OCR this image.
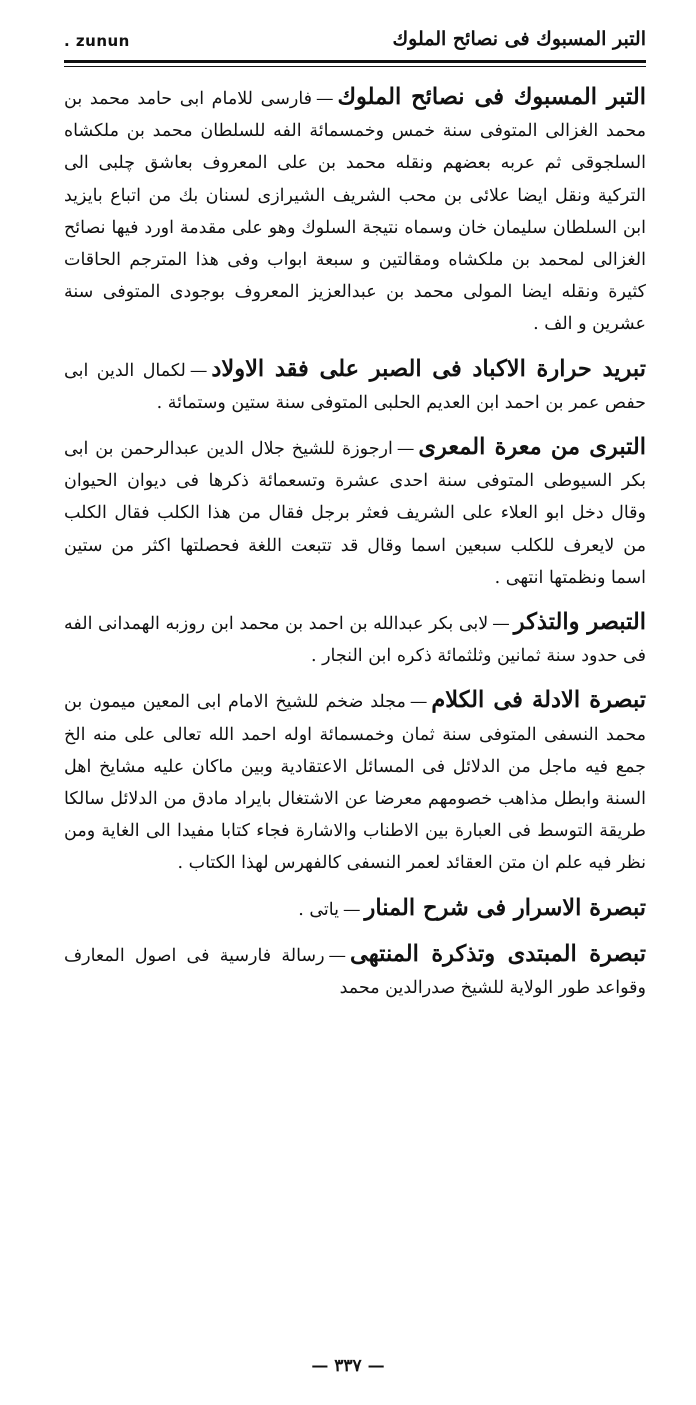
. zunun	التبر المسبوك فی نصائح الملوك

التبر المسبوك فی نصائح الملوك—فارسی للامام ابی حامد محمد بن محمد الغزالی المتوفی سنة خمس وخمسمائة الفه للسلطان محمد بن ملكشاه السلجوقی ثم عربه بعضهم ونقله محمد بن علی المعروف بعاشق چلبی الی التركية ونقل ایضا علائی بن محب الشريف الشيرازی لسنان بك من اتباع بايزيد ابن السلطان سليمان خان وسماه نتيجة السلوك وهو علی مقدمة اورد فيها نصائح الغزالی لمحمد بن ملكشاه ومقالتين و سبعة ابواب وفی هذا المترجم الحاقات كثيرة ونقله ايضا المولی محمد بن عبدالعزيز المعروف بوجودی المتوفی سنة عشرين و الف .

تبريد حرارة الاكباد فی الصبر علی فقد الاولاد—لكمال الدين ابی حفص عمر بن احمد ابن العديم الحلبی المتوفی سنة ستين وستمائة .

التبری من معرة المعری—ارجوزة للشيخ جلال الدين عبدالرحمن بن ابی بكر السيوطی المتوفی سنة احدی عشرة وتسعمائة ذكرها فی ديوان الحيوان وقال دخل ابو العلاء علی الشريف فعثر برجل فقال من هذا الكلب فقال الكلب من لايعرف للكلب سبعين اسما وقال قد تتبعت اللغة فحصلتها اكثر من ستين اسما ونظمتها انتهی .

التبصر والتذكر—لابی بكر عبدالله بن احمد بن محمد ابن روزبه الهمدانی الفه فی حدود سنة ثمانين وثلثمائة ذكره ابن النجار .

تبصرة الادلة فی الكلام—مجلد ضخم للشيخ الامام ابی المعين ميمون بن محمد النسفی المتوفی سنة ثمان وخمسمائة اوله احمد الله تعالی علی منه الخ جمع فيه ماجل من الدلائل فی المسائل الاعتقادية وبين ماكان عليه مشايخ اهل السنة وابطل مذاهب خصومهم معرضا عن الاشتغال بايراد مادق من الدلائل سالكا طريقة التوسط فی العبارة بين الاطناب والاشارة فجاء كتابا مفيدا الی الغاية ومن نظر فيه علم ان متن العقائد لعمر النسفی كالفهرس لهذا الكتاب .

تبصرة الاسرار فی شرح المنار—ياتی .

تبصرة المبتدی وتذكرة المنتهی—رسالة فارسية فی اصول المعارف وقواعد طور الولاية للشيخ صدرالدين محمد

— ٣٣٧ —
